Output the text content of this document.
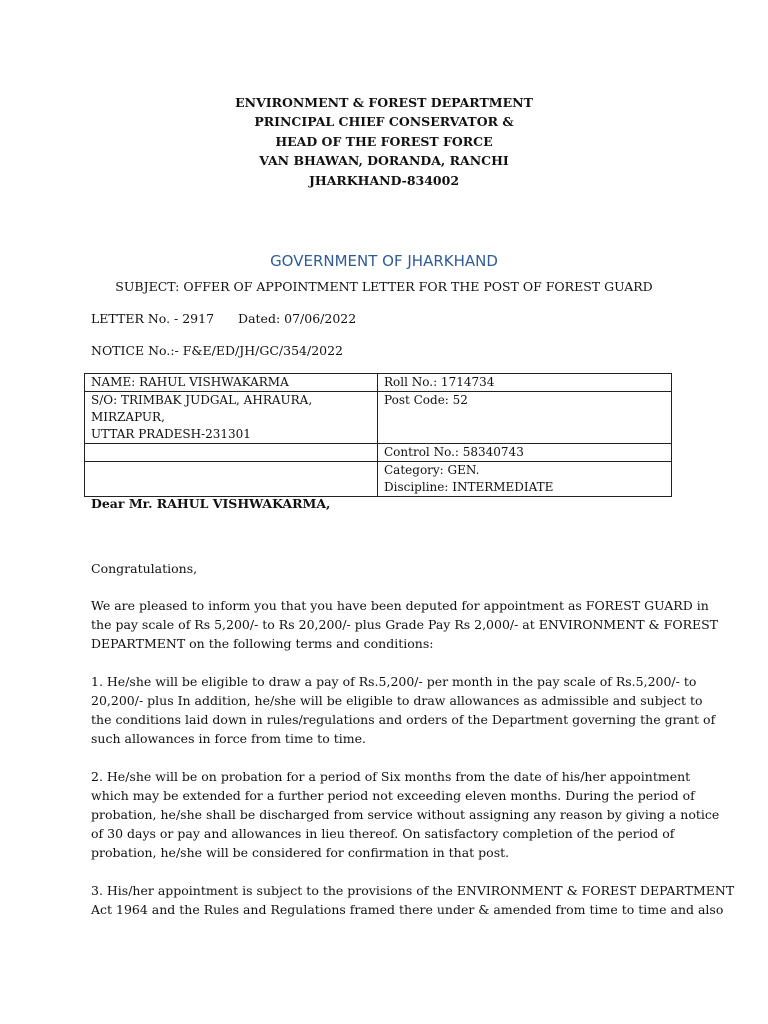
ENVIRONMENT & FOREST DEPARTMENT
PRINCIPAL CHIEF CONSERVATOR &
HEAD OF THE FOREST FORCE
VAN BHAWAN, DORANDA, RANCHI
JHARKHAND-834002
GOVERNMENT OF JHARKHAND
SUBJECT: OFFER OF APPOINTMENT LETTER FOR THE POST OF FOREST GUARD
LETTER No. - 2917 Dated: 07/06/2022
NOTICE No.:- F&E/ED/JH/GC/354/2022
NAME: RAHUL VISHWAKARMA	Roll No.: 1714734

S/O: TRIMBAK JUDGAL, AHRAURA, MIRZAPUR,
UTTAR PRADESH-231301	Post Code: 52

	Control No.: 58340743

	Category: GEN.
Discipline: INTERMEDIATE
Dear Mr. RAHUL VISHWAKARMA,
Congratulations,
We are pleased to inform you that you have been deputed for appointment as FOREST GUARD in
the pay scale of Rs 5,200/- to Rs 20,200/- plus Grade Pay Rs 2,000/- at ENVIRONMENT & FOREST
DEPARTMENT on the following terms and conditions:
1. He/she will be eligible to draw a pay of Rs.5,200/- per month in the pay scale of Rs.5,200/- to
20,200/- plus In addition, he/she will be eligible to draw allowances as admissible and subject to
the conditions laid down in rules/regulations and orders of the Department governing the grant of
such allowances in force from time to time.
2. He/she will be on probation for a period of Six months from the date of his/her appointment
which may be extended for a further period not exceeding eleven months. During the period of
probation, he/she shall be discharged from service without assigning any reason by giving a notice
of 30 days or pay and allowances in lieu thereof. On satisfactory completion of the period of
probation, he/she will be considered for confirmation in that post.
3. His/her appointment is subject to the provisions of the ENVIRONMENT & FOREST DEPARTMENT
Act 1964 and the Rules and Regulations framed there under & amended from time to time and also
